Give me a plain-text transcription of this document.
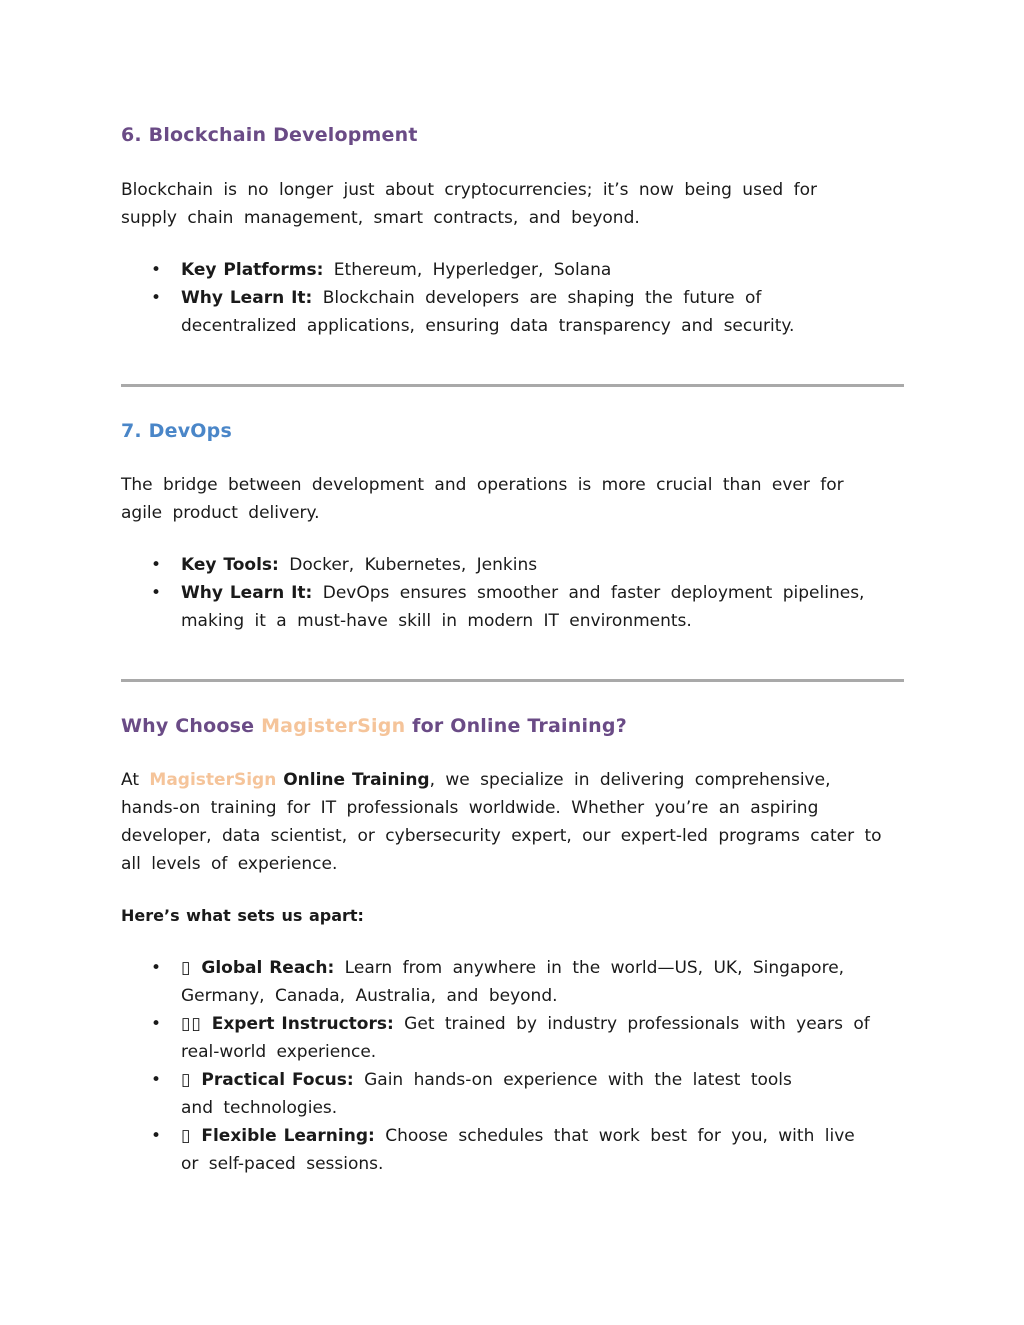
6. Blockchain Development

Blockchain is no longer just about cryptocurrencies; it’s now being used for supply chain management, smart contracts, and beyond.

• Key Platforms: Ethereum, Hyperledger, Solana
• Why Learn It: Blockchain developers are shaping the future of decentralized applications, ensuring data transparency and security.
7. DevOps

The bridge between development and operations is more crucial than ever for agile product delivery.

• Key Tools: Docker, Kubernetes, Jenkins
• Why Learn It: DevOps ensures smoother and faster deployment pipelines, making it a must-have skill in modern IT environments.
Why Choose MagisterSign for Online Training?

At MagisterSign Online Training, we specialize in delivering comprehensive, hands-on training for IT professionals worldwide. Whether you’re an aspiring developer, data scientist, or cybersecurity expert, our expert-led programs cater to all levels of experience.

Here’s what sets us apart:

• ▯ Global Reach: Learn from anywhere in the world—US, UK, Singapore, Germany, Canada, Australia, and beyond.
• ▯▯ Expert Instructors: Get trained by industry professionals with years of real-world experience.
• ▯ Practical Focus: Gain hands-on experience with the latest tools and technologies.
• ▯ Flexible Learning: Choose schedules that work best for you, with live or self-paced sessions.
